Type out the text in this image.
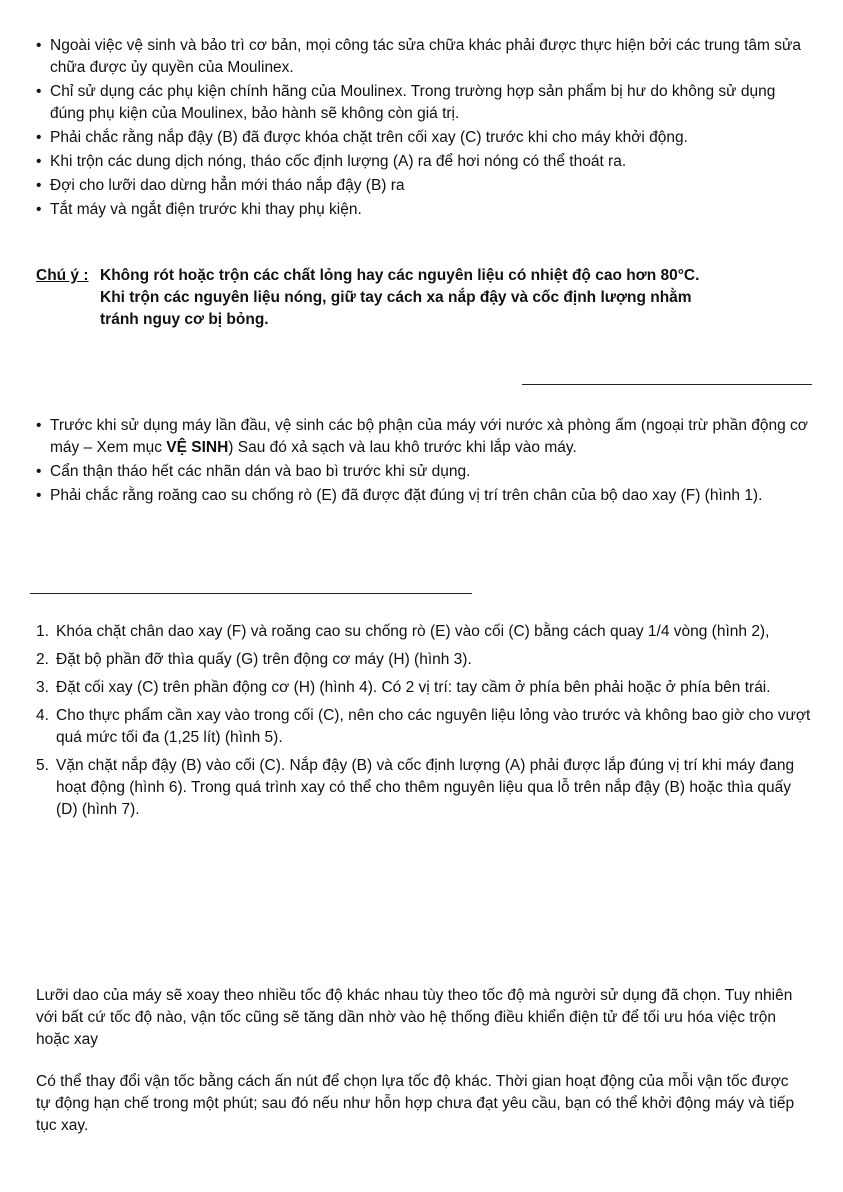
• Ngoài việc vệ sinh và bảo trì cơ bản, mọi công tác sửa chữa khác phải được thực hiện bởi các trung tâm sửa chữa được ủy quyền của Moulinex.
• Chỉ sử dụng các phụ kiện chính hãng của Moulinex. Trong trường hợp sản phẩm bị hư do không sử dụng đúng phụ kiện của Moulinex, bảo hành sẽ không còn giá trị.
• Phải chắc rằng nắp đậy (B) đã được khóa chặt trên cối xay (C) trước khi cho máy khởi động.
• Khi trộn các dung dịch nóng, tháo cốc định lượng (A) ra để hơi nóng có thể thoát ra.
• Đợi cho lưỡi dao dừng hẳn mới tháo nắp đậy (B) ra
• Tắt máy và ngắt điện trước khi thay phụ kiện.
Chú ý : Không rót hoặc trộn các chất lỏng hay các nguyên liệu có nhiệt độ cao hơn 80°C.
Khi trộn các nguyên liệu nóng, giữ tay cách xa nắp đậy và cốc định lượng nhằm
tránh nguy cơ bị bỏng.
• Trước khi sử dụng máy lần đầu, vệ sinh các bộ phận của máy với nước xà phòng ấm (ngoại trừ phần động cơ máy – Xem mục VỆ SINH) Sau đó xả sạch và lau khô trước khi lắp vào máy.
• Cẩn thận tháo hết các nhãn dán và bao bì trước khi sử dụng.
• Phải chắc rằng roăng cao su chống rò (E) đã được đặt đúng vị trí trên chân của bộ dao xay (F) (hình 1).
1. Khóa chặt chân dao xay (F) và roăng cao su chống rò (E) vào cối (C) bằng cách quay 1/4 vòng (hình 2),
2. Đặt bộ phần đỡ thìa quấy (G) trên động cơ máy (H) (hình 3).
3. Đặt cối xay (C) trên phần động cơ (H) (hình 4). Có 2 vị trí: tay cầm ở phía bên phải hoặc ở phía bên trái.
4. Cho thực phẩm cần xay vào trong cối (C), nên cho các nguyên liệu lỏng vào trước và không bao giờ cho vượt quá mức tối đa (1,25 lít) (hình 5).
5. Vặn chặt nắp đậy (B) vào cối (C). Nắp đậy (B) và cốc định lượng (A) phải được lắp đúng vị trí khi máy đang hoạt động (hình 6). Trong quá trình xay có thể cho thêm nguyên liệu qua lỗ trên nắp đậy (B) hoặc thìa quấy (D) (hình 7).

Lưỡi dao của máy sẽ xoay theo nhiều tốc độ khác nhau tùy theo tốc độ mà người sử dụng đã chọn. Tuy nhiên với bất cứ tốc độ nào, vận tốc cũng sẽ tăng dần nhờ vào hệ thống điều khiển điện tử để tối ưu hóa việc trộn hoặc xay

Có thể thay đổi vận tốc bằng cách ấn nút để chọn lựa tốc độ khác. Thời gian hoạt động của mỗi vận tốc được tự động hạn chế trong một phút; sau đó nếu như hỗn hợp chưa đạt yêu cầu, bạn có thể khởi động máy và tiếp tục xay.
